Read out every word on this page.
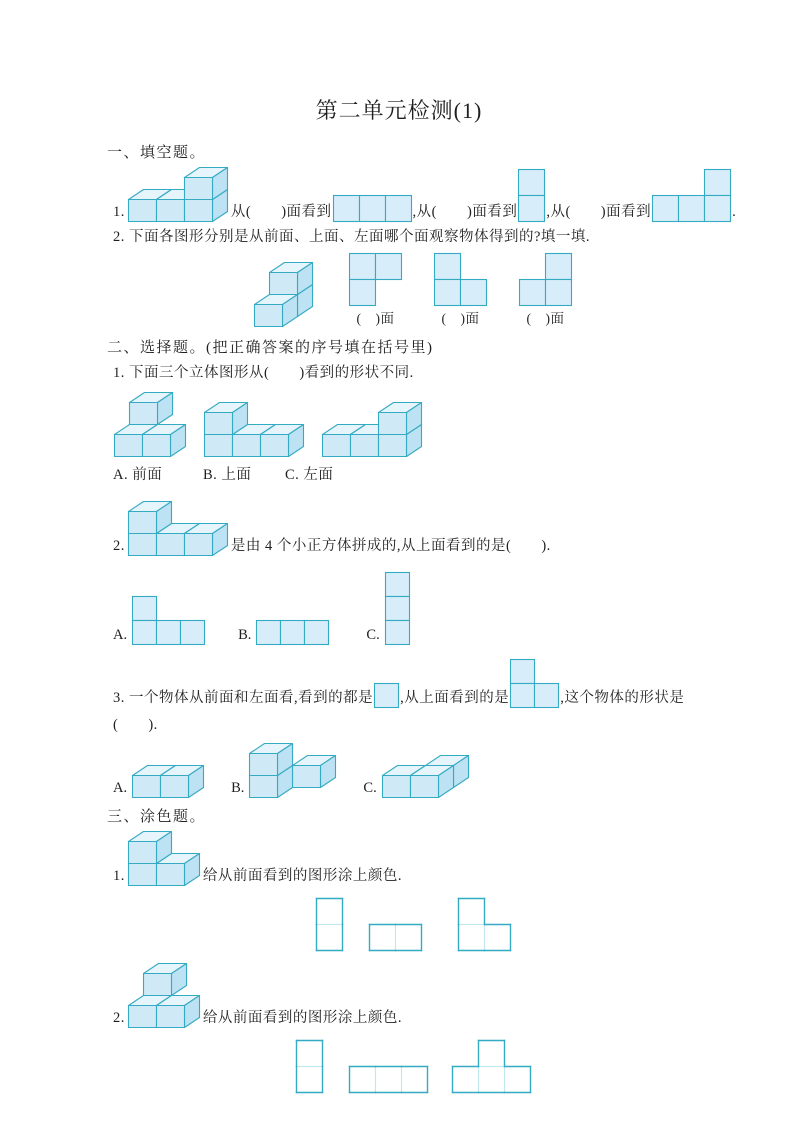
第二单元检测(1)
一、填空题。
1.	从(　　)面看到	,从(　　)面看到 ,从(　　)面看到	.
2. 下面各图形分别是从前面、上面、左面哪个面观察物体得到的?填一填.
(　)面	(　)面	(　)面
二、选择题。(把正确答案的序号填在括号里)
1. 下面三个立体图形从(　　)看到的形状不同.
A. 前面	B. 上面	C. 左面
2.	是由 4 个小正方体拼成的,从上面看到的是(　　).
A.	B.	C.
3. 一个物体从前面和左面看,看到的都是 ,从上面看到的是	,这个物体的形状是
(　　).
A.	B.	C.
三、涂色题。
1.	给从前面看到的图形涂上颜色.
2.	给从前面看到的图形涂上颜色.
